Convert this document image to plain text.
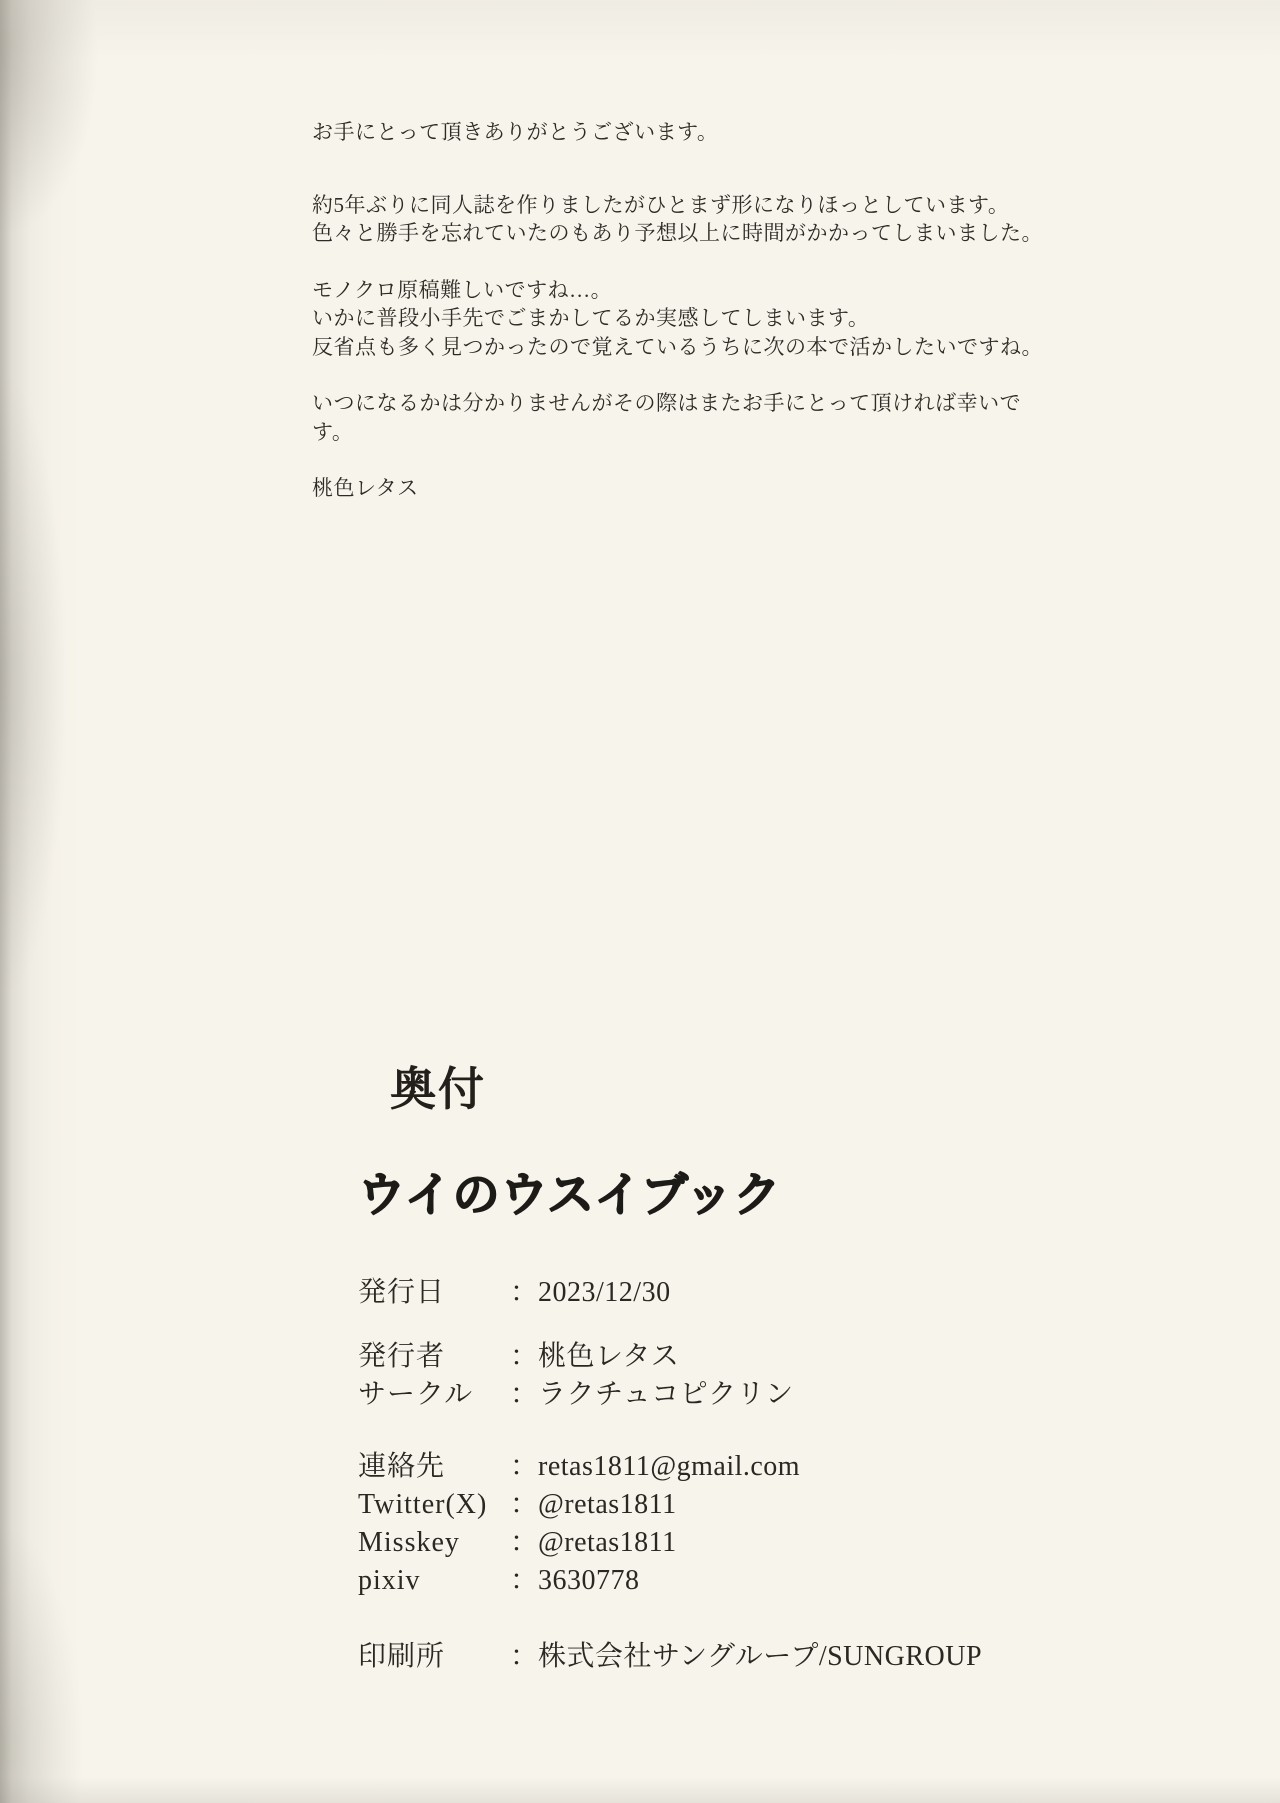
お手にとって頂きありがとうございます。

約5年ぶりに同人誌を作りましたがひとまず形になりほっとしています。
色々と勝手を忘れていたのもあり予想以上に時間がかかってしまいました。

モノクロ原稿難しいですね…。
いかに普段小手先でごまかしてるか実感してしまいます。
反省点も多く見つかったので覚えているうちに次の本で活かしたいですね。

いつになるかは分かりませんがその際はまたお手にとって頂ければ幸いです。

桃色レタス

奥付
ウイのウスイブック
発行日	： 2023/12/30
発行者	： 桃色レタス
サークル	： ラクチュコピクリン
連絡先	： retas1811@gmail.com
Twitter(X) ： @retas1811
Misskey	： @retas1811
pixiv	： 3630778
印刷所	： 株式会社サングループ/SUNGROUP
